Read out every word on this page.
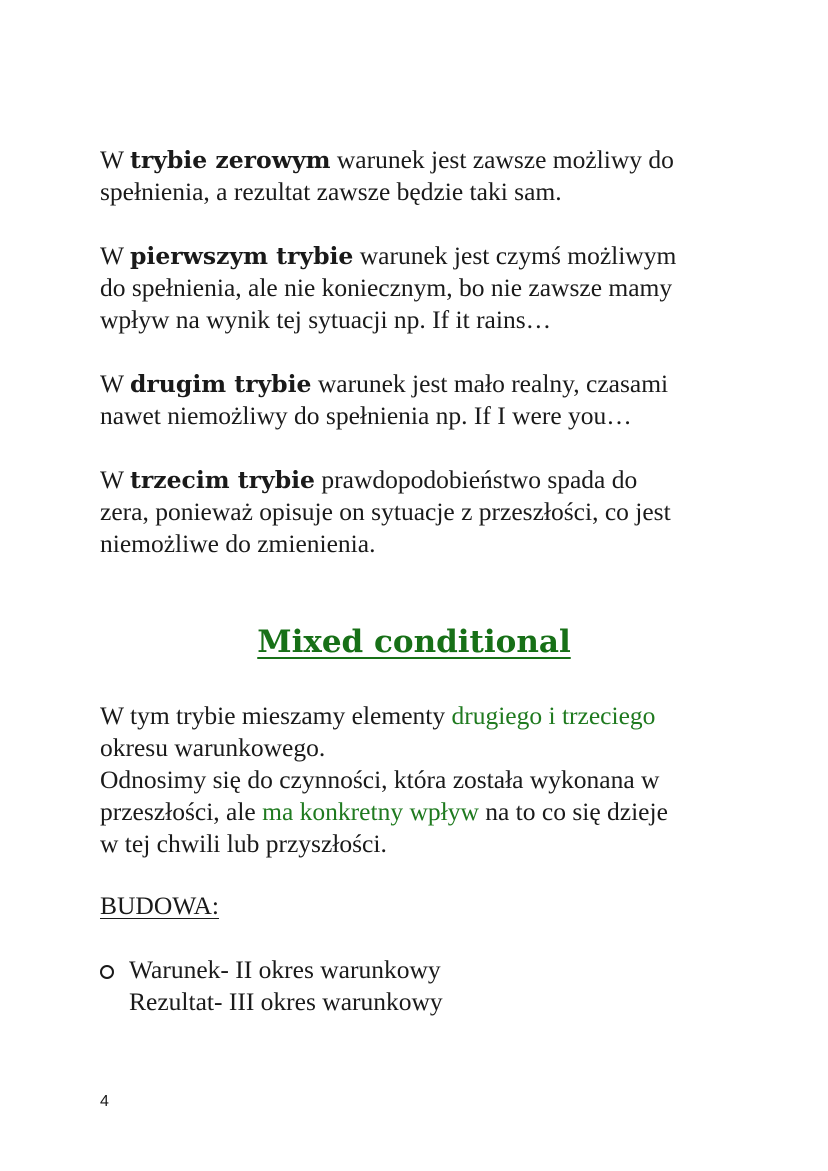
W trybie zerowym warunek jest zawsze możliwy do
spełnienia, a rezultat zawsze będzie taki sam.

W pierwszym trybie warunek jest czymś możliwym
do spełnienia, ale nie koniecznym, bo nie zawsze mamy
wpływ na wynik tej sytuacji np. If it rains…

W drugim trybie warunek jest mało realny, czasami
nawet niemożliwy do spełnienia np. If I were you…

W trzecim trybie prawdopodobieństwo spada do
zera, ponieważ opisuje on sytuacje z przeszłości, co jest
niemożliwe do zmienienia.

Mixed conditional

W tym trybie mieszamy elementy drugiego i trzeciego
okresu warunkowego.
Odnosimy się do czynności, która została wykonana w
przeszłości, ale ma konkretny wpływ na to co się dzieje
w tej chwili lub przyszłości.

BUDOWA:

Warunek- II okres warunkowy
Rezultat- III okres warunkowy
4
